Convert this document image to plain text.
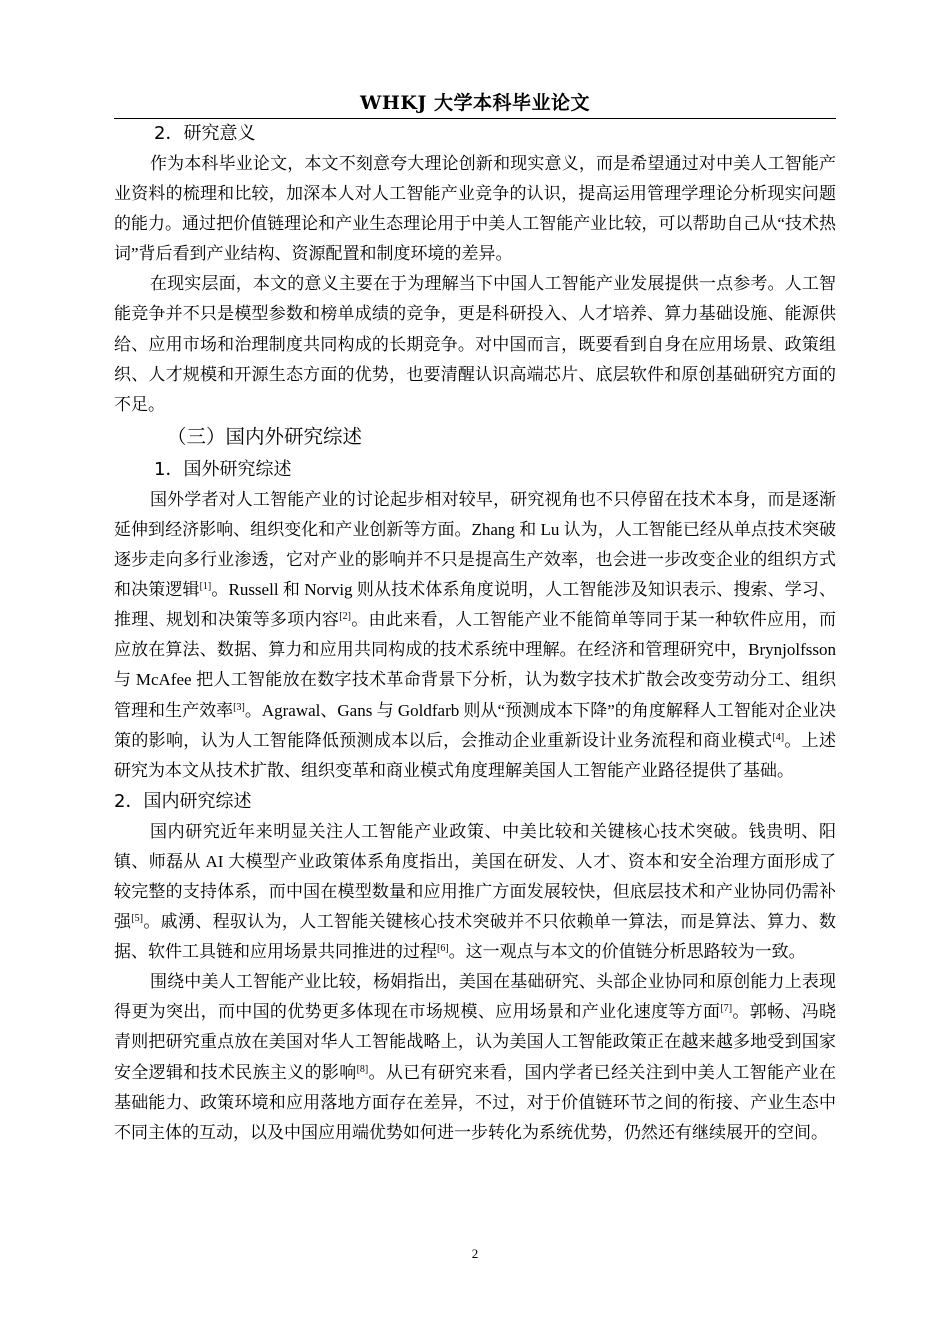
WHKJ 大学本科毕业论文
2．研究意义

作为本科毕业论文，本文不刻意夸大理论创新和现实意义，而是希望通过对中美人工智能产业资料的梳理和比较，加深本人对人工智能产业竞争的认识，提高运用管理学理论分析现实问题的能力。通过把价值链理论和产业生态理论用于中美人工智能产业比较，可以帮助自己从“技术热词”背后看到产业结构、资源配置和制度环境的差异。

在现实层面，本文的意义主要在于为理解当下中国人工智能产业发展提供一点参考。人工智能竞争并不只是模型参数和榜单成绩的竞争，更是科研投入、人才培养、算力基础设施、能源供给、应用市场和治理制度共同构成的长期竞争。对中国而言，既要看到自身在应用场景、政策组织、人才规模和开源生态方面的优势，也要清醒认识高端芯片、底层软件和原创基础研究方面的不足。

（三）国内外研究综述
1．国外研究综述

国外学者对人工智能产业的讨论起步相对较早，研究视角也不只停留在技术本身，而是逐渐延伸到经济影响、组织变化和产业创新等方面。Zhang 和 Lu 认为，人工智能已经从单点技术突破逐步走向多行业渗透，它对产业的影响并不只是提高生产效率，也会进一步改变企业的组织方式和决策逻辑[1]。Russell 和 Norvig 则从技术体系角度说明，人工智能涉及知识表示、搜索、学习、推理、规划和决策等多项内容[2]。由此来看，人工智能产业不能简单等同于某一种软件应用，而应放在算法、数据、算力和应用共同构成的技术系统中理解。在经济和管理研究中，Brynjolfsson 与 McAfee 把人工智能放在数字技术革命背景下分析，认为数字技术扩散会改变劳动分工、组织管理和生产效率[3]。Agrawal、Gans 与 Goldfarb 则从“预测成本下降”的角度解释人工智能对企业决策的影响，认为人工智能降低预测成本以后，会推动企业重新设计业务流程和商业模式[4]。上述研究为本文从技术扩散、组织变革和商业模式角度理解美国人工智能产业路径提供了基础。

2．国内研究综述

国内研究近年来明显关注人工智能产业政策、中美比较和关键核心技术突破。钱贵明、阳镇、师磊从 AI 大模型产业政策体系角度指出，美国在研发、人才、资本和安全治理方面形成了较完整的支持体系，而中国在模型数量和应用推广方面发展较快，但底层技术和产业协同仍需补强[5]。戚湧、程驭认为，人工智能关键核心技术突破并不只依赖单一算法，而是算法、算力、数据、软件工具链和应用场景共同推进的过程[6]。这一观点与本文的价值链分析思路较为一致。

围绕中美人工智能产业比较，杨娟指出，美国在基础研究、头部企业协同和原创能力上表现得更为突出，而中国的优势更多体现在市场规模、应用场景和产业化速度等方面[7]。郭畅、冯晓青则把研究重点放在美国对华人工智能战略上，认为美国人工智能政策正在越来越多地受到国家安全逻辑和技术民族主义的影响[8]。从已有研究来看，国内学者已经关注到中美人工智能产业在基础能力、政策环境和应用落地方面存在差异，不过，对于价值链环节之间的衔接、产业生态中不同主体的互动，以及中国应用端优势如何进一步转化为系统优势，仍然还有继续展开的空间。

2
